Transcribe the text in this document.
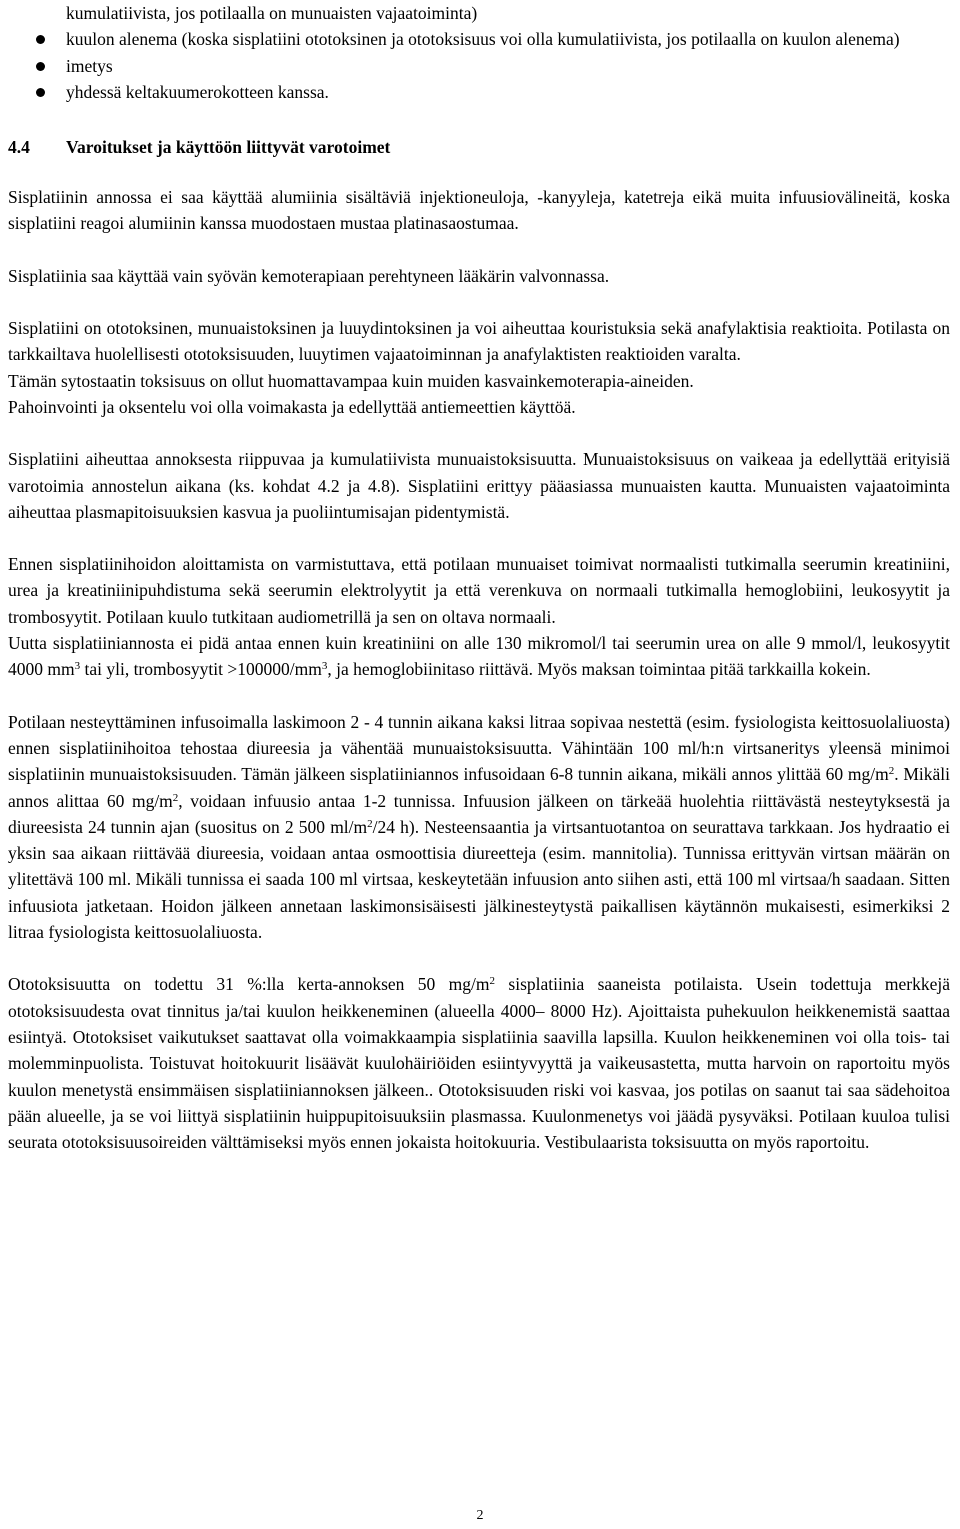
kumulatiivista, jos potilaalla on munuaisten vajaatoiminta)

kuulon alenema (koska sisplatiini ototoksinen ja ototoksisuus voi olla kumulatiivista, jos potilaalla on kuulon alenema)
imetys
yhdessä keltakuumerokotteen kanssa.
4.4 Varoitukset ja käyttöön liittyvät varotoimet

Sisplatiinin annossa ei saa käyttää alumiinia sisältäviä injektioneuloja, -kanyyleja, katetreja eikä muita infuusiovälineitä, koska sisplatiini reagoi alumiinin kanssa muodostaen mustaa platinasaostumaa.

Sisplatiinia saa käyttää vain syövän kemoterapiaan perehtyneen lääkärin valvonnassa.

Sisplatiini on ototoksinen, munuaistoksinen ja luuydintoksinen ja voi aiheuttaa kouristuksia sekä anafylaktisia reaktioita. Potilasta on tarkkailtava huolellisesti ototoksisuuden, luuytimen vajaatoiminnan ja anafylaktisten reaktioiden varalta.

Tämän sytostaatin toksisuus on ollut huomattavampaa kuin muiden kasvainkemoterapia-aineiden.

Pahoinvointi ja oksentelu voi olla voimakasta ja edellyttää antiemeettien käyttöä.

Sisplatiini aiheuttaa annoksesta riippuvaa ja kumulatiivista munuaistoksisuutta. Munuaistoksisuus on vaikeaa ja edellyttää erityisiä varotoimia annostelun aikana (ks. kohdat 4.2 ja 4.8). Sisplatiini erittyy pääasiassa munuaisten kautta. Munuaisten vajaatoiminta aiheuttaa plasmapitoisuuksien kasvua ja puoliintumisajan pidentymistä.

Ennen sisplatiinihoidon aloittamista on varmistuttava, että potilaan munuaiset toimivat normaalisti tutkimalla seerumin kreatiniini, urea ja kreatiniinipuhdistuma sekä seerumin elektrolyytit ja että verenkuva on normaali tutkimalla hemoglobiini, leukosyytit ja trombosyytit. Potilaan kuulo tutkitaan audiometrillä ja sen on oltava normaali.

Uutta sisplatiiniannosta ei pidä antaa ennen kuin kreatiniini on alle 130 mikromol/l tai seerumin urea on alle 9 mmol/l, leukosyytit 4000 $mm^3$ tai yli, trombosyytit $>100000/mm^3$, ja hemoglobiinitaso riittävä. Myös maksan toimintaa pitää tarkkailla kokein.

Potilaan nesteyttäminen infusoimalla laskimoon 2 - 4 tunnin aikana kaksi litraa sopivaa nestettä (esim. fysiologista keittosuolaliuosta) ennen sisplatiinihoitoa tehostaa diureesia ja vähentää munuaistoksisuutta. Vähintään 100 ml/h:n virtsaneritys yleensä minimoi sisplatiinin munuaistoksisuuden. Tämän jälkeen sisplatiiniannos infusoidaan 6-8 tunnin aikana, mikäli annos ylittää 60 $mg/m^2$. Mikäli annos alittaa 60 $mg/m^2$, voidaan infuusio antaa 1-2 tunnissa. Infuusion jälkeen on tärkeää huolehtia riittävästä nesteytyksestä ja diureesista 24 tunnin ajan (suositus on 2 500 $ml/m^2/24$ h). Nesteensaantia ja virtsantuotantoa on seurattava tarkkaan. Jos hydraatio ei yksin saa aikaan riittävää diureesia, voidaan antaa osmoottisia diureetteja (esim. mannitolia). Tunnissa erittyvän virtsan määrän on ylitettävä 100 ml. Mikäli tunnissa ei saada 100 ml virtsaa, keskeytetään infuusion anto siihen asti, että 100 ml virtsaa/h saadaan. Sitten infuusiota jatketaan. Hoidon jälkeen annetaan laskimonsisäisesti jälkinesteytystä paikallisen käytännön mukaisesti, esimerkiksi 2 litraa fysiologista keittosuolaliuosta.

Ototoksisuutta on todettu 31 %:lla kerta-annoksen 50 $mg/m^2$ sisplatiinia saaneista potilaista. Usein todettuja merkkejä ototoksisuudesta ovat tinnitus ja/tai kuulon heikkeneminen (alueella 4000– 8000 Hz). Ajoittaista puhekuulon heikkenemistä saattaa esiintyä. Ototoksiset vaikutukset saattavat olla voimakkaampia sisplatiinia saavilla lapsilla. Kuulon heikkeneminen voi olla tois- tai molemminpuolista. Toistuvat hoitokuurit lisäävät kuulohäiriöiden esiintyvyyttä ja vaikeusastetta, mutta harvoin on raportoitu myös kuulon menetystä ensimmäisen sisplatiiniannoksen jälkeen.. Ototoksisuuden riski voi kasvaa, jos potilas on saanut tai saa sädehoitoa pään alueelle, ja se voi liittyä sisplatiinin huippupitoisuuksiin plasmassa. Kuulonmenetys voi jäädä pysyväksi. Potilaan kuuloa tulisi seurata ototoksisuusoireiden välttämiseksi myös ennen jokaista hoitokuuria. Vestibulaarista toksisuutta on myös raportoitu.

2
